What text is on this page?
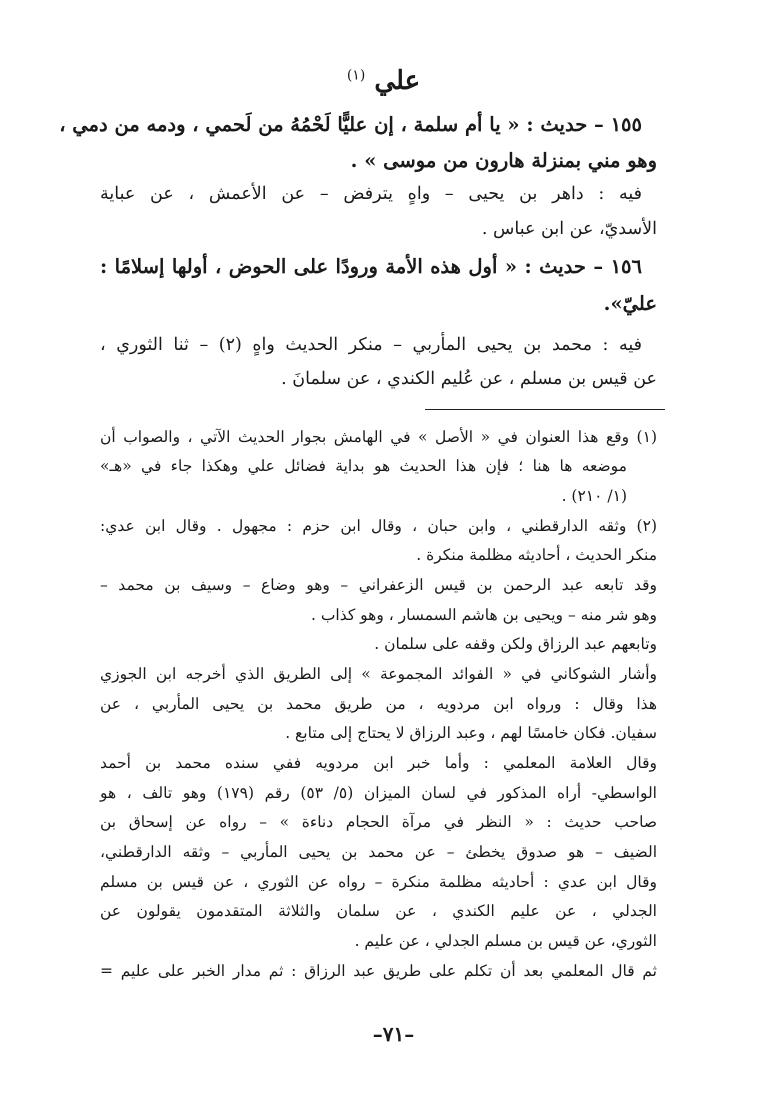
علي $^{(١)}$
١٥٥ – حديث : « يا أم سلمة ، إن عليًّا لَحْمُهُ من لَحمي ، ودمه من دمي ،
وهو مني بمنزلة هارون من موسى » .
فيه : داهر بن يحيى – واهٍ يترفض – عن الأعمش ، عن عباية
الأسديّ، عن ابن عباس .
١٥٦ – حديث : « أول هذه الأمة ورودًا على الحوض ، أولها إسلامًا :
عليّ».
فيه : محمد بن يحيى المأربي – منكر الحديث واهٍ (٢) – ثنا الثوري ،
عن قيس بن مسلم ، عن عُليم الكندي ، عن سلمانَ .
(١) وقع هذا العنوان في « الأصل » في الهامش بجوار الحديث الآتي ، والصواب أن
موضعه ها هنا ؛ فإن هذا الحديث هو بداية فضائل علي وهكذا جاء في «هـ»
(١/ ٢١٠) .
(٢) وثقه الدارقطني ، وابن حبان ، وقال ابن حزم : مجهول . وقال ابن عدي:
منكر الحديث ، أحاديثه مظلمة منكرة .
وقد تابعه عبد الرحمن بن قيس الزعفراني – وهو وضاع – وسيف بن محمد –
وهو شر منه – ويحيى بن هاشم السمسار ، وهو كذاب .
وتابعهم عبد الرزاق ولكن وقفه على سلمان .
وأشار الشوكاني في « الفوائد المجموعة » إلى الطريق الذي أخرجه ابن الجوزي
هذا وقال : ورواه ابن مردويه ، من طريق محمد بن يحيى المأربي ، عن
سفيان. فكان خامسًا لهم ، وعبد الرزاق لا يحتاج إلى متابع .
وقال العلامة المعلمي : وأما خبر ابن مردويه ففي سنده محمد بن أحمد
الواسطي- أراه المذكور في لسان الميزان (٥/ ٥٣) رقم (١٧٩) وهو تالف ، هو
صاحب حديث : « النظر في مرآة الحجام دناءة » – رواه عن إسحاق بن
الضيف – هو صدوق يخطئ – عن محمد بن يحيى المأربي – وثقه الدارقطني،
وقال ابن عدي : أحاديثه مظلمة منكرة – رواه عن الثوري ، عن قيس بن مسلم
الجدلي ، عن عليم الكندي ، عن سلمان والثلاثة المتقدمون يقولون عن
الثوري، عن قيس بن مسلم الجدلي ، عن عليم .
ثم قال المعلمي بعد أن تكلم على طريق عبد الرزاق : ثم مدار الخبر على عليم =
–٧١–
